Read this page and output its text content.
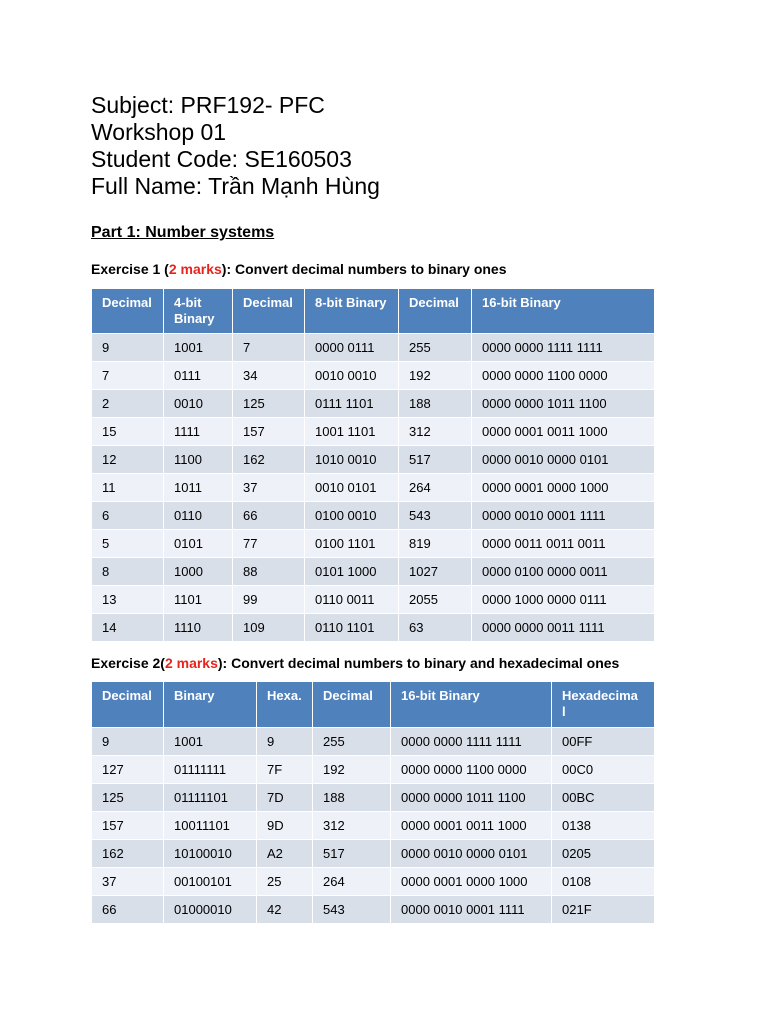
Subject: PRF192- PFC
Workshop 01
Student Code: SE160503
Full Name: Trần Mạnh Hùng
Part 1: Number systems
Exercise 1 (2 marks): Convert decimal numbers to binary ones
Decimal	4-bit Binary	Decimal	8-bit Binary	Decimal	16-bit Binary
9	1001	7	0000 0111	255	0000 0000 1111 1111
7	0111	34	0010 0010	192	0000 0000 1100 0000
2	0010	125	0111 1101	188	0000 0000 1011 1100
15	1111	157	1001 1101	312	0000 0001 0011 1000
12	1100	162	1010 0010	517	0000 0010 0000 0101
11	1011	37	0010 0101	264	0000 0001 0000 1000
6	0110	66	0100 0010	543	0000 0010 0001 1111
5	0101	77	0100 1101	819	0000 0011 0011 0011
8	1000	88	0101 1000	1027	0000 0100 0000 0011
13	1101	99	0110 0011	2055	0000 1000 0000 0111
14	1110	109	0110 1101	63	0000 0000 0011 1111
Exercise 2(2 marks): Convert decimal numbers to binary and hexadecimal ones
Decimal	Binary	Hexa.	Decimal	16-bit Binary	Hexadecima l
9	1001	9	255	0000 0000 1111 1111	00FF
127	01111111	7F	192	0000 0000 1100 0000	00C0
125	01111101	7D	188	0000 0000 1011 1100	00BC
157	10011101	9D	312	0000 0001 0011 1000	0138
162	10100010	A2	517	0000 0010 0000 0101	0205
37	00100101	25	264	0000 0001 0000 1000	0108
66	01000010	42	543	0000 0010 0001 1111	021F
